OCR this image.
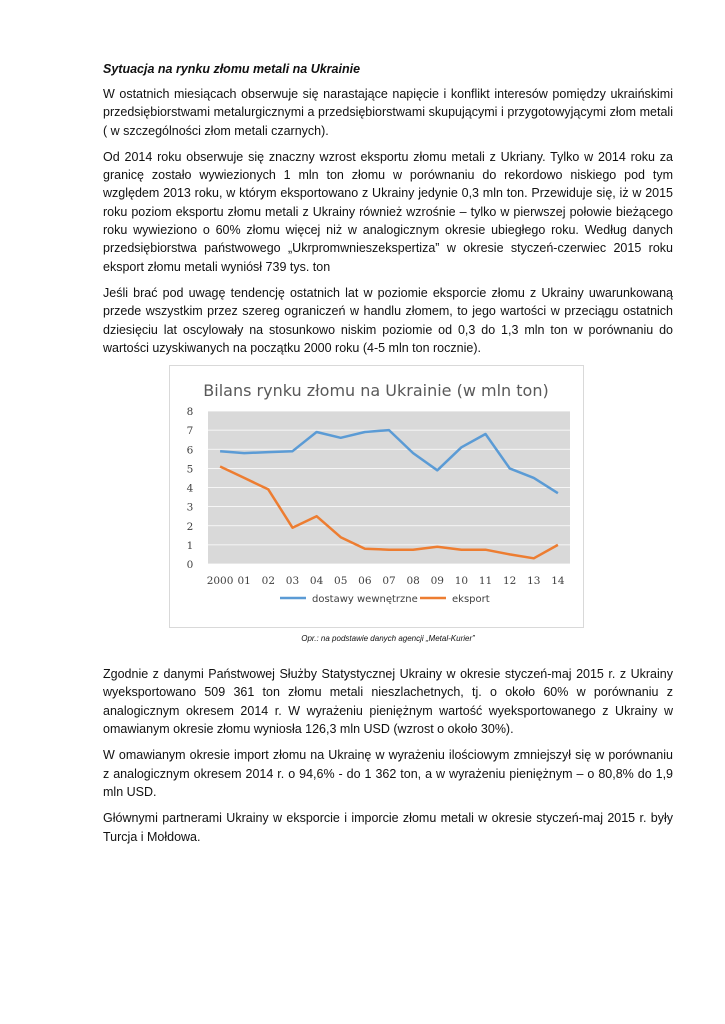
Sytuacja na rynku złomu metali na Ukrainie

W ostatnich miesiącach obserwuje się narastające napięcie i konflikt interesów pomiędzy ukraińskimi przedsiębiorstwami metalurgicznymi a przedsiębiorstwami skupującymi i przygotowyjącymi złom metali ( w szczególności złom metali czarnych).

Od 2014 roku obserwuje się znaczny wzrost eksportu złomu metali z Ukriany. Tylko w 2014 roku za granicę zostało wywiezionych 1 mln ton złomu w porównaniu do rekordowo niskiego pod tym względem 2013 roku, w którym eksportowano z Ukrainy jedynie 0,3 mln ton. Przewiduje się, iż w 2015 roku poziom eksportu złomu metali z Ukrainy również wzrośnie – tylko w pierwszej połowie bieżącego roku wywieziono o 60% złomu więcej niż w analogicznym okresie ubiegłego roku. Według danych przedsiębiorstwa państwowego „Ukrpromwnieszekspertiza” w okresie styczeń-czerwiec 2015 roku eksport złomu metali wyniósł 739 tys. ton

Jeśli brać pod uwagę tendencję ostatnich lat w poziomie eksporcie złomu z Ukrainy uwarunkowaną przede wszystkim przez szereg ograniczeń w handlu złomem, to jego wartości w przeciągu ostatnich dziesięciu lat oscylowały na stosunkowo niskim poziomie od 0,3 do 1,3 mln ton w porównaniu do wartości uzyskiwanych na początku 2000 roku (4-5 mln ton rocznie).

Bilans rynku złomu na Ukrainie (w mln ton)
0
1
2
3
4
5
6
7
8
2000 01 02 03 04 05 06 07 08 09 10 11 12 13 14
dostawy wewnętrzne	eksport
Opr.: na podstawie danych agencji „Metal-Kurier”

Zgodnie z danymi Państwowej Służby Statystycznej Ukrainy w okresie styczeń-maj 2015 r. z Ukrainy wyeksportowano 509 361 ton złomu metali nieszlachetnych, tj. o około 60% w porównaniu z analogicznym okresem 2014 r. W wyrażeniu pieniężnym wartość wyeksportowanego z Ukrainy w omawianym okresie złomu wyniosła 126,3 mln USD (wzrost o około 30%).

W omawianym okresie import złomu na Ukrainę w wyrażeniu ilościowym zmniejszył się w porównaniu z analogicznym okresem 2014 r. o 94,6% - do 1 362 ton, a w wyrażeniu pieniężnym – o 80,8% do 1,9 mln USD.

Głównymi partnerami Ukrainy w eksporcie i imporcie złomu metali w okresie styczeń-maj 2015 r. były Turcja i Mołdowa.
